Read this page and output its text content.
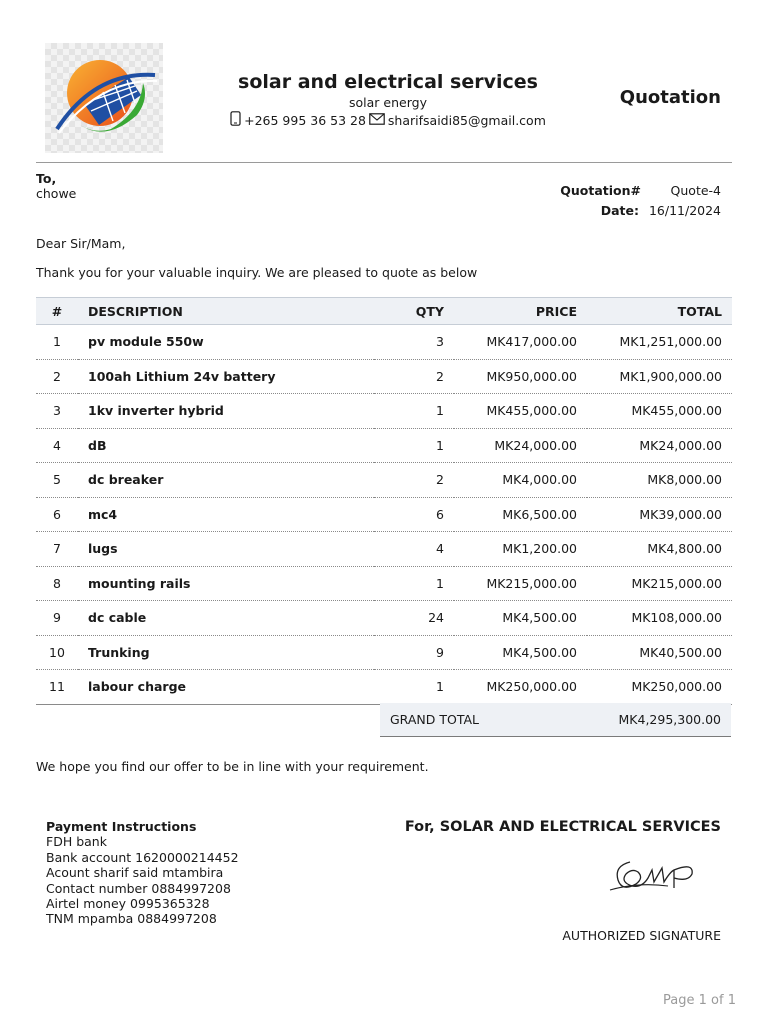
solar and electrical services
solar energy
+265 995 36 53 28 sharifsaidi85@gmail.com
Quotation
To,
chowe	Quotation#	Quote-4
Date: 16/11/2024
Dear Sir/Mam,
Thank you for your valuable inquiry. We are pleased to quote as below
#	DESCRIPTION	QTY	PRICE	TOTAL
1	pv module 550w	3	MK417,000.00	MK1,251,000.00
2	100ah Lithium 24v battery	2	MK950,000.00	MK1,900,000.00
3	1kv inverter hybrid	1	MK455,000.00	MK455,000.00
4	dB	1	MK24,000.00	MK24,000.00
5	dc breaker	2	MK4,000.00	MK8,000.00
6	mc4	6	MK6,500.00	MK39,000.00
7	lugs	4	MK1,200.00	MK4,800.00
8	mounting rails	1	MK215,000.00	MK215,000.00
9	dc cable	24	MK4,500.00	MK108,000.00
10	Trunking	9	MK4,500.00	MK40,500.00
11	labour charge	1	MK250,000.00	MK250,000.00
GRAND TOTAL	MK4,295,300.00
We hope you find our offer to be in line with your requirement.
Payment Instructions
FDH bank
Bank account 1620000214452
Acount sharif said mtambira
Contact number 0884997208
Airtel money 0995365328
TNM mpamba 0884997208
For, SOLAR AND ELECTRICAL SERVICES
AUTHORIZED SIGNATURE
Page 1 of 1
